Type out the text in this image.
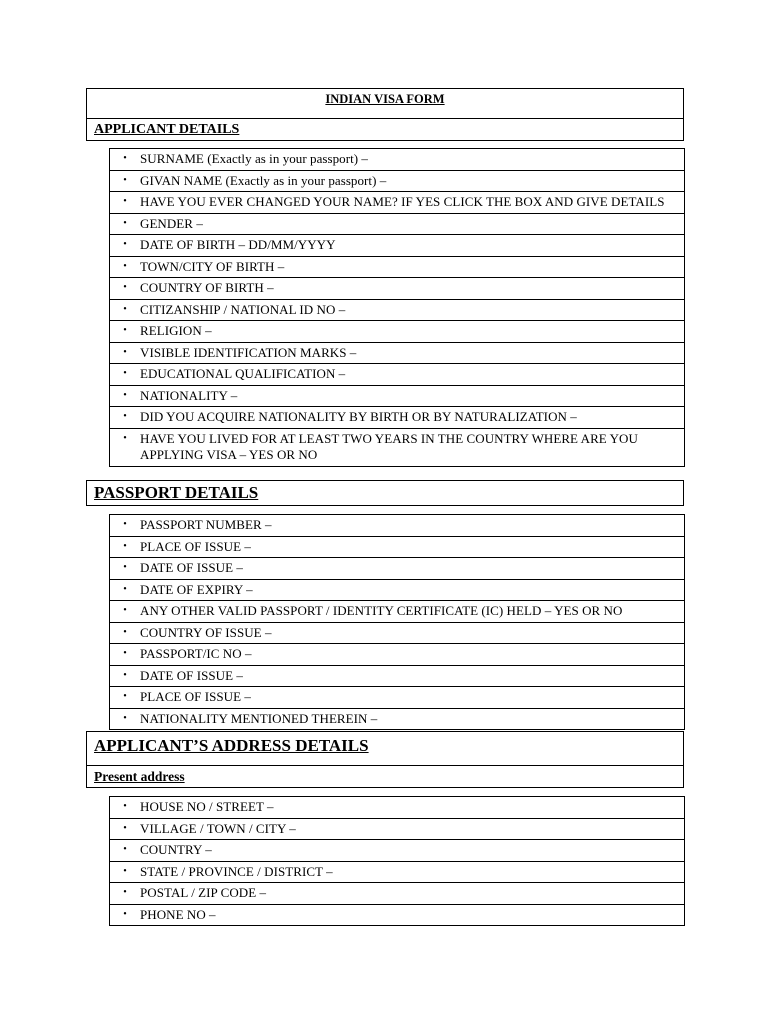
INDIAN VISA FORM
APPLICANT DETAILS
•	SURNAME (Exactly as in your passport) –
•	GIVAN NAME (Exactly as in your passport) –
•	HAVE YOU EVER CHANGED YOUR NAME? IF YES CLICK THE BOX AND GIVE DETAILS
•	GENDER –
•	DATE OF BIRTH – DD/MM/YYYY
•	TOWN/CITY OF BIRTH –
•	COUNTRY OF BIRTH –
•	CITIZANSHIP / NATIONAL ID NO –
•	RELIGION –
•	VISIBLE IDENTIFICATION MARKS –
•	EDUCATIONAL QUALIFICATION –
•	NATIONALITY –
•	DID YOU ACQUIRE NATIONALITY BY BIRTH OR BY NATURALIZATION –
•	HAVE YOU LIVED FOR AT LEAST TWO YEARS IN THE COUNTRY WHERE ARE YOU APPLYING VISA – YES OR NO
PASSPORT DETAILS
•	PASSPORT NUMBER –
•	PLACE OF ISSUE –
•	DATE OF ISSUE –
•	DATE OF EXPIRY –
•	ANY OTHER VALID PASSPORT / IDENTITY CERTIFICATE (IC) HELD – YES OR NO
•	COUNTRY OF ISSUE –
•	PASSPORT/IC NO –
•	DATE OF ISSUE –
•	PLACE OF ISSUE –
•	NATIONALITY MENTIONED THEREIN –
APPLICANT’S ADDRESS DETAILS
Present address
•	HOUSE NO / STREET –
•	VILLAGE / TOWN / CITY –
•	COUNTRY –
•	STATE / PROVINCE / DISTRICT –
•	POSTAL / ZIP CODE –
•	PHONE NO –
